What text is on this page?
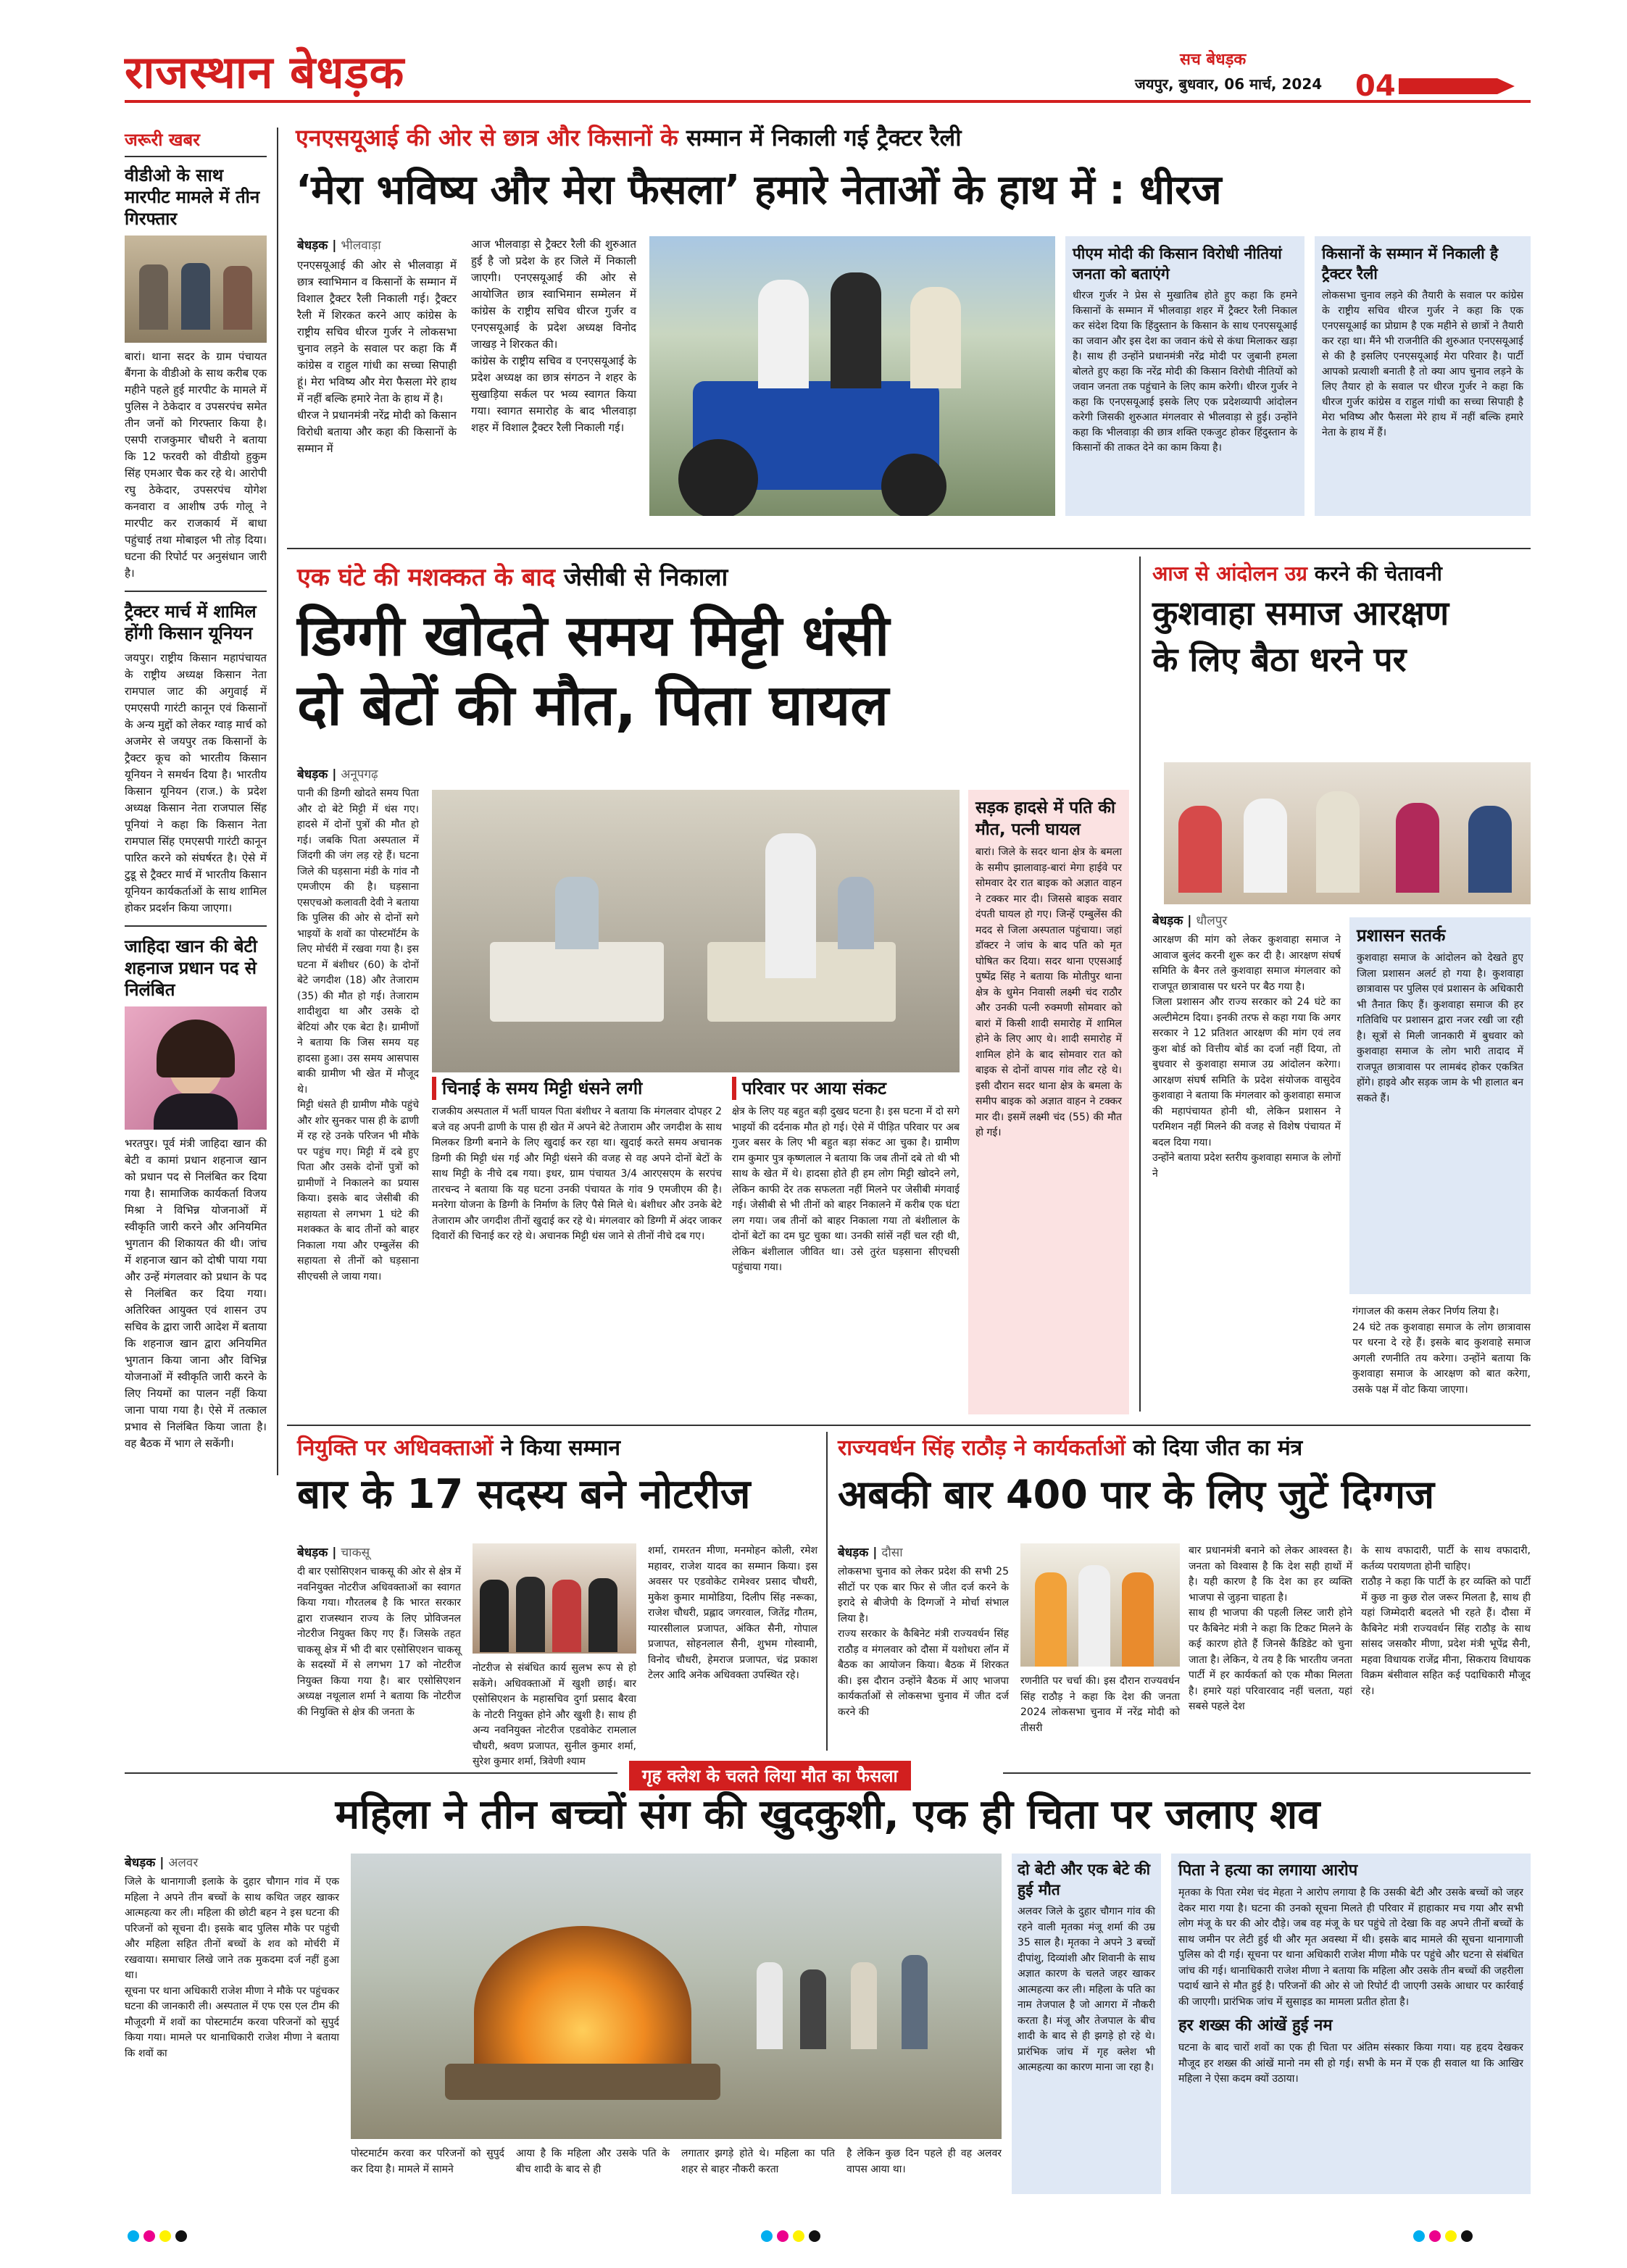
राजस्थान बेधड़क	सच बेधड़क
जयपुर, बुधवार, 06 मार्च, 2024 04
जरूरी खबर
वीडीओ के साथ मारपीट मामले में तीन गिरफ्तार
बारां। थाना सदर के ग्राम पंचायत बैंगना के वीडीओ के साथ करीब एक महीने पहले हुई मारपीट के मामले में पुलिस ने ठेकेदार व उपसरपंच समेत तीन जनों को गिरफ्तार किया है। एसपी राजकुमार चौधरी ने बताया कि 12 फरवरी को वीडीयो हुकुम सिंह एमआर चैक कर रहे थे। आरोपी रघु ठेकेदार, उपसरपंच योगेश कनवारा व आशीष उर्फ गोलू ने मारपीट कर राजकार्य में बाधा पहुंचाई तथा मोबाइल भी तोड़ दिया। घटना की रिपोर्ट पर अनुसंधान जारी है।
ट्रैक्टर मार्च में शामिल होंगी किसान यूनियन
जयपुर। राष्ट्रीय किसान महापंचायत के राष्ट्रीय अध्यक्ष किसान नेता रामपाल जाट की अगुवाई में एमएसपी गारंटी कानून एवं किसानों के अन्य मुद्दों को लेकर ग्वाड़ मार्च को अजमेर से जयपुर तक किसानों के ट्रैक्टर कूच को भारतीय किसान यूनियन ने समर्थन दिया है। भारतीय किसान यूनियन (राज.) के प्रदेश अध्यक्ष किसान नेता राजपाल सिंह पूनियां ने कहा कि किसान नेता रामपाल सिंह एमएसपी गारंटी कानून पारित करने को संघर्षरत है। ऐसे में टुडू से ट्रैक्टर मार्च में भारतीय किसान यूनियन कार्यकर्ताओं के साथ शामिल होकर प्रदर्शन किया जाएगा।
जाहिदा खान की बेटी शहनाज प्रधान पद से निलंबित
भरतपुर। पूर्व मंत्री जाहिदा खान की बेटी व कामां प्रधान शहनाज खान को प्रधान पद से निलंबित कर दिया गया है। सामाजिक कार्यकर्ता विजय मिश्रा ने विभिन्न योजनाओं में स्वीकृति जारी करने और अनियमित भुगतान की शिकायत की थी। जांच में शहनाज खान को दोषी पाया गया और उन्हें मंगलवार को प्रधान के पद से निलंबित कर दिया गया। अतिरिक्त आयुक्त एवं शासन उप सचिव के द्वारा जारी आदेश में बताया कि शहनाज खान द्वारा अनियमित भुगतान किया जाना और विभिन्न योजनाओं में स्वीकृति जारी करने के लिए नियमों का पालन नहीं किया जाना पाया गया है। ऐसे में तत्काल प्रभाव से निलंबित किया जाता है। वह बैठक में भाग ले सकेंगी।
एनएसयूआई की ओर से छात्र और किसानों के सम्मान में निकाली गई ट्रैक्टर रैली
‘मेरा भविष्य और मेरा फैसला’ हमारे नेताओं के हाथ में : धीरज
बेधड़क | भीलवाड़ा
एनएसयूआई की ओर से भीलवाड़ा में छात्र स्वाभिमान व किसानों के सम्मान में विशाल ट्रैक्टर रैली निकाली गई। ट्रैक्टर रैली में शिरकत करने आए कांग्रेस के राष्ट्रीय सचिव धीरज गुर्जर ने लोकसभा चुनाव लड़ने के सवाल पर कहा कि मैं कांग्रेस व राहुल गांधी का सच्चा सिपाही हूं। मेरा भविष्य और मेरा फैसला मेरे हाथ में नहीं बल्कि हमारे नेता के हाथ में है।
धीरज ने प्रधानमंत्री नरेंद्र मोदी को किसान विरोधी बताया और कहा की किसानों के सम्मान में
आज भीलवाड़ा से ट्रैक्टर रैली की शुरुआत हुई है जो प्रदेश के हर जिले में निकाली जाएगी। एनएसयूआई की ओर से आयोजित छात्र स्वाभिमान सम्मेलन में कांग्रेस के राष्ट्रीय सचिव धीरज गुर्जर व एनएसयूआई के प्रदेश अध्यक्ष विनोद जाखड़ ने शिरकत की।
कांग्रेस के राष्ट्रीय सचिव व एनएसयूआई के प्रदेश अध्यक्ष का छात्र संगठन ने शहर के सुखाड़िया सर्कल पर भव्य स्वागत किया गया। स्वागत समारोह के बाद भीलवाड़ा शहर में विशाल ट्रैक्टर रैली निकाली गई।
पीएम मोदी की किसान विरोधी नीतियां जनता को बताएंगे
धीरज गुर्जर ने प्रेस से मुखातिब होते हुए कहा कि हमने किसानों के सम्मान में भीलवाड़ा शहर में ट्रैक्टर रैली निकाल कर संदेश दिया कि हिंदुस्तान के किसान के साथ एनएसयूआई का जवान और इस देश का जवान कंधे से कंधा मिलाकर खड़ा है। साथ ही उन्होंने प्रधानमंत्री नरेंद्र मोदी पर जुबानी हमला बोलते हुए कहा कि नरेंद्र मोदी की किसान विरोधी नीतियों को जवान जनता तक पहुंचाने के लिए काम करेगी। धीरज गुर्जर ने कहा कि एनएसयूआई इसके लिए एक प्रदेशव्यापी आंदोलन करेगी जिसकी शुरुआत मंगलवार से भीलवाड़ा से हुई। उन्होंने कहा कि भीलवाड़ा की छात्र शक्ति एकजुट होकर हिंदुस्तान के किसानों की ताकत देने का काम किया है।
किसानों के सम्मान में निकाली है ट्रैक्टर रैली
लोकसभा चुनाव लड़ने की तैयारी के सवाल पर कांग्रेस के राष्ट्रीय सचिव धीरज गुर्जर ने कहा कि एक एनएसयूआई का प्रोग्राम है एक महीने से छात्रों ने तैयारी कर रहा था। मैंने भी राजनीति की शुरुआत एनएसयूआई से की है इसलिए एनएसयूआई मेरा परिवार है। पार्टी आपको प्रत्याशी बनाती है तो क्या आप चुनाव लड़ने के लिए तैयार हो के सवाल पर धीरज गुर्जर ने कहा कि धीरज गुर्जर कांग्रेस व राहुल गांधी का सच्चा सिपाही है मेरा भविष्य और फैसला मेरे हाथ में नहीं बल्कि हमारे नेता के हाथ में हैं।
एक घंटे की मशक्कत के बाद जेसीबी से निकाला
डिग्गी खोदते समय मिट्टी धंसी
दो बेटों की मौत, पिता घायल
बेधड़क | अनूपगढ़
पानी की डिग्गी खोदते समय पिता और दो बेटे मिट्टी में धंस गए। हादसे में दोनों पुत्रों की मौत हो गई। जबकि पिता अस्पताल में जिंदगी की जंग लड़ रहे हैं। घटना जिले की घड़साना मंडी के गांव नौ एमजीएम की है। घड़साना एसएचओ कलावती देवी ने बताया कि पुलिस की ओर से दोनों सगे भाइयों के शवों का पोस्टमॉर्टम के लिए मोर्चरी में रखवा गया है। इस घटना में बंशीधर (60) के दोनों बेटे जगदीश (18) और तेजाराम (35) की मौत हो गई। तेजाराम शादीशुदा था और उसके दो बेटियां और एक बेटा है। ग्रामीणों ने बताया कि जिस समय यह हादसा हुआ। उस समय आसपास बाकी ग्रामीण भी खेत में मौजूद थे।
मिट्टी धंसते ही ग्रामीण मौके पहुंचे और शोर सुनकर पास ही के ढाणी में रह रहे उनके परिजन भी मौके पर पहुंच गए। मिट्टी में दबे हुए पिता और उसके दोनों पुत्रों को ग्रामीणों ने निकालने का प्रयास किया। इसके बाद जेसीबी की सहायता से लगभग 1 घंटे की मशक्कत के बाद तीनों को बाहर निकाला गया और एम्बुलेंस की सहायता से तीनों को घड़साना सीएचसी ले जाया गया।
चिनाई के समय मिट्टी धंसने लगी
राजकीय अस्पताल में भर्ती घायल पिता बंशीधर ने बताया कि मंगलवार दोपहर 2 बजे वह अपनी ढाणी के पास ही खेत में अपने बेटे तेजाराम और जगदीश के साथ मिलकर डिग्गी बनाने के लिए खुदाई कर रहा था। खुदाई करते समय अचानक डिग्गी की मिट्टी धंस गई और मिट्टी धंसने की वजह से वह अपने दोनों बेटों के साथ मिट्टी के नीचे दब गया। इधर, ग्राम पंचायत 3/4 आरएसएम के सरपंच तारचन्द ने बताया कि यह घटना उनकी पंचायत के गांव 9 एमजीएम की है। मनरेगा योजना के डिग्गी के निर्माण के लिए पैसे मिले थे। बंशीधर और उनके बेटे तेजाराम और जगदीश तीनों खुदाई कर रहे थे। मंगलवार को डिग्गी में अंदर जाकर दिवारों की चिनाई कर रहे थे। अचानक मिट्टी धंस जाने से तीनों नीचे दब गए।
परिवार पर आया संकट
क्षेत्र के लिए यह बहुत बड़ी दुखद घटना है। इस घटना में दो सगे भाइयों की दर्दनाक मौत हो गई। ऐसे में पीड़ित परिवार पर अब गुजर बसर के लिए भी बहुत बड़ा संकट आ चुका है। ग्रामीण राम कुमार पुत्र कृष्णलाल ने बताया कि जब तीनों दबे तो थी भी साथ के खेत में थे। हादसा होते ही हम लोग मिट्टी खोदने लगे, लेकिन काफी देर तक सफलता नहीं मिलने पर जेसीबी मंगवाई गई। जेसीबी से भी तीनों को बाहर निकालने में करीब एक घंटा लग गया। जब तीनों को बाहर निकाला गया तो बंशीलाल के दोनों बेटों का दम घुट चुका था। उनकी सांसें नहीं चल रही थी, लेकिन बंशीलाल जीवित था। उसे तुरंत घड़साना सीएचसी पहुंचाया गया।
सड़क हादसे में पति की मौत, पत्नी घायल
बारां। जिले के सदर थाना क्षेत्र के बमला के समीप झालावाड़-बारां मेगा हाईवे पर सोमवार देर रात बाइक को अज्ञात वाहन ने टक्कर मार दी। जिससे बाइक सवार दंपती घायल हो गए। जिन्हें एम्बुलेंस की मदद से जिला अस्पताल पहुंचाया। जहां डॉक्टर ने जांच के बाद पति को मृत घोषित कर दिया। सदर थाना एएसआई पुष्पेंद्र सिंह ने बताया कि मोतीपुर थाना क्षेत्र के धुमेन निवासी लक्ष्मी चंद राठौर और उनकी पत्नी रुक्मणी सोमवार को बारां में किसी शादी समारोह में शामिल होने के लिए आए थे। शादी समारोह में शामिल होने के बाद सोमवार रात को बाइक से दोनों वापस गांव लौट रहे थे। इसी दौरान सदर थाना क्षेत्र के बमला के समीप बाइक को अज्ञात वाहन ने टक्कर मार दी। इसमें लक्ष्मी चंद (55) की मौत हो गई।
आज से आंदोलन उग्र करने की चेतावनी
कुशवाहा समाज आरक्षण के लिए बैठा धरने पर
बेधड़क | धौलपुर
आरक्षण की मांग को लेकर कुशवाहा समाज ने आवाज बुलंद करनी शुरू कर दी है। आरक्षण संघर्ष समिति के बैनर तले कुशवाहा समाज मंगलवार को राजपूत छात्रावास पर धरने पर बैठ गया है।
जिला प्रशासन और राज्य सरकार को 24 घंटे का अल्टीमेटम दिया। इनकी तरफ से कहा गया कि अगर सरकार ने 12 प्रतिशत आरक्षण की मांग एवं लव कुश बोर्ड को वित्तीय बोर्ड का दर्जा नहीं दिया, तो बुधवार से कुशवाहा समाज उग्र आंदोलन करेगा। आरक्षण संघर्ष समिति के प्रदेश संयोजक वासुदेव कुशवाहा ने बताया कि मंगलवार को कुशवाहा समाज की महापंचायत होनी थी, लेकिन प्रशासन ने परमिशन नहीं मिलने की वजह से विशेष पंचायत में बदल दिया गया।
उन्होंने बताया प्रदेश स्तरीय कुशवाहा समाज के लोगों ने
प्रशासन सतर्क
कुशवाहा समाज के आंदोलन को देखते हुए जिला प्रशासन अलर्ट हो गया है। कुशवाहा छात्रावास पर पुलिस एवं प्रशासन के अधिकारी भी तैनात किए हैं। कुशवाहा समाज की हर गतिविधि पर प्रशासन द्वारा नजर रखी जा रही है। सूत्रों से मिली जानकारी में बुधवार को कुशवाहा समाज के लोग भारी तादाद में राजपूत छात्रावास पर लामबंद होकर एकत्रित होंगे। हाइवे और सड़क जाम के भी हालात बन सकते हैं।
गंगाजल की कसम लेकर निर्णय लिया है।
24 घंटे तक कुशवाहा समाज के लोग छात्रावास पर धरना दे रहे हैं। इसके बाद कुशवाहे समाज अगली रणनीति तय करेगा। उन्होंने बताया कि कुशवाहा समाज के आरक्षण को बात करेगा, उसके पक्ष में वोट किया जाएगा।
नियुक्ति पर अधिवक्ताओं ने किया सम्मान
बार के 17 सदस्य बने नोटरीज
बेधड़क | चाकसू
दी बार एसोसिएशन चाकसू की ओर से क्षेत्र में नवनियुक्त नोटरीज अधिवक्ताओं का स्वागत किया गया। गौरतलब है कि भारत सरकार द्वारा राजस्थान राज्य के लिए प्रोविजनल नोटरीज नियुक्त किए गए हैं। जिसके तहत चाकसू क्षेत्र में भी दी बार एसोसिएशन चाकसू के सदस्यों में से लगभग 17 को नोटरीज नियुक्त किया गया है। बार एसोसिएशन अध्यक्ष नथूलाल शर्मा ने बताया कि नोटरीज की नियुक्ति से क्षेत्र की जनता के
नोटरीज से संबंधित कार्य सुलभ रूप से हो सकेंगे। अधिवक्ताओं में खुशी छाई। बार एसोसिएशन के महासचिव दुर्गा प्रसाद बैरवा के नोटरी नियुक्त होने और खुशी है। साथ ही अन्य नवनियुक्त नोटरीज एडवोकेट रामलाल चौधरी, श्रवण प्रजापत, सुनील कुमार शर्मा, सुरेश कुमार शर्मा, त्रिवेणी श्याम
शर्मा, रामरतन मीणा, मनमोहन कोली, रमेश महावर, राजेश यादव का सम्मान किया। इस अवसर पर एडवोकेट रामेश्वर प्रसाद चौधरी, मुकेश कुमार मामोडिया, दिलीप सिंह नरूका, राजेश चौधरी, प्रह्लाद जगरवाल, जितेंद्र गौतम, ग्यारसीलाल प्रजापत, अंकित सैनी, गोपाल प्रजापत, सोहनलाल सैनी, शुभम गोस्वामी, विनोद चौधरी, हेमराज प्रजापत, चंद्र प्रकाश टेलर आदि अनेक अधिवक्ता उपस्थित रहे।
राज्यवर्धन सिंह राठौड़ ने कार्यकर्ताओं को दिया जीत का मंत्र
अबकी बार 400 पार के लिए जुटें दिग्गज
बेधड़क | दौसा
लोकसभा चुनाव को लेकर प्रदेश की सभी 25 सीटों पर एक बार फिर से जीत दर्ज करने के इरादे से बीजेपी के दिग्गजों ने मोर्चा संभाल लिया है।
राज्य सरकार के कैबिनेट मंत्री राज्यवर्धन सिंह राठौड़ व मंगलवार को दौसा में यशोधरा लॉन में बैठक का आयोजन किया। बैठक में शिरकत की। इस दौरान उन्होंने बैठक में आए भाजपा कार्यकर्ताओं से लोकसभा चुनाव में जीत दर्ज करने की
रणनीति पर चर्चा की। इस दौरान राज्यवर्धन सिंह राठौड़ ने कहा कि देश की जनता 2024 लोकसभा चुनाव में नरेंद्र मोदी को तीसरी
बार प्रधानमंत्री बनाने को लेकर आश्वस्त है। जनता को विश्वास है कि देश सही हाथों में है। यही कारण है कि देश का हर व्यक्ति भाजपा से जुड़ना चाहता है।
साथ ही भाजपा की पहली लिस्ट जारी होने पर कैबिनेट मंत्री ने कहा कि टिकट मिलने के कई कारण होते हैं जिनसे कैंडिडेट को चुना जाता है। लेकिन, ये तय है कि भारतीय जनता पार्टी में हर कार्यकर्ता को एक मौका मिलता है। हमारे यहां परिवारवाद नहीं चलता, यहां सबसे पहले देश
के साथ वफादारी, पार्टी के साथ वफादारी, कर्तव्य परायणता होनी चाहिए।
राठौड़ ने कहा कि पार्टी के हर व्यक्ति को पार्टी में कुछ ना कुछ रोल जरूर मिलता है, साथ ही यहां जिम्मेदारी बदलते भी रहते हैं। दौसा में कैबिनेट मंत्री राज्यवर्धन सिंह राठौड़ के साथ सांसद जसकौर मीणा, प्रदेश मंत्री भूपेंद्र सैनी, महवा विधायक राजेंद्र मीना, सिकराय विधायक विक्रम बंसीवाल सहित कई पदाधिकारी मौजूद रहे।
गृह क्लेश के चलते लिया मौत का फैसला
महिला ने तीन बच्चों संग की खुदकुशी, एक ही चिता पर जलाए शव
बेधड़क | अलवर
जिले के थानागाजी इलाके के दुहार चौगान गांव में एक महिला ने अपने तीन बच्चों के साथ कथित जहर खाकर आत्महत्या कर ली। महिला की छोटी बहन ने इस घटना की परिजनों को सूचना दी। इसके बाद पुलिस मौके पर पहुंची और महिला सहित तीनों बच्चों के शव को मोर्चरी में रखवाया। समाचार लिखे जाने तक मुकदमा दर्ज नहीं हुआ था।
सूचना पर थाना अधिकारी राजेश मीणा ने मौके पर पहुंचकर घटना की जानकारी ली। अस्पताल में एफ एस एल टीम की मौजूदगी में शवों का पोस्टमार्टम करवा परिजनों को सुपुर्द किया गया। मामले पर थानाधिकारी राजेश मीणा ने बताया कि शवों का
पोस्टमार्टम करवा कर परिजनों को सुपुर्द कर दिया है। मामले में सामने
आया है कि महिला और उसके पति के बीच शादी के बाद से ही
लगातार झगड़े होते थे। महिला का पति शहर से बाहर नौकरी करता
है लेकिन कुछ दिन पहले ही वह अलवर वापस आया था।
दो बेटी और एक बेटे की हुई मौत
अलवर जिले के दुहार चौगान गांव की रहने वाली मृतका मंजू शर्मा की उम्र 35 साल है। मृतका ने अपने 3 बच्चों दीपांशु, दिव्यांशी और शिवानी के साथ अज्ञात कारण के चलते जहर खाकर आत्महत्या कर ली। महिला के पति का नाम तेजपाल है जो आगरा में नौकरी करता है। मंजू और तेजपाल के बीच शादी के बाद से ही झगड़े हो रहे थे। प्रारंभिक जांच में गृह क्लेश भी आत्महत्या का कारण माना जा रहा है।
पिता ने हत्या का लगाया आरोप
मृतका के पिता रमेश चंद मेहता ने आरोप लगाया है कि उसकी बेटी और उसके बच्चों को जहर देकर मारा गया है। घटना की उनको सूचना मिलते ही परिवार में हाहाकार मच गया और सभी लोग मंजू के घर की ओर दौड़े। जब वह मंजू के घर पहुंचे तो देखा कि वह अपने तीनों बच्चों के साथ जमीन पर लेटी हुई थी और मृत अवस्था में थी। इसके बाद मामले की सूचना थानागाजी पुलिस को दी गई। सूचना पर थाना अधिकारी राजेश मीणा मौके पर पहुंचे और घटना से संबंधित जांच की गई। थानाधिकारी राजेश मीणा ने बताया कि महिला और उसके तीन बच्चों की जहरीला पदार्थ खाने से मौत हुई है। परिजनों की ओर से जो रिपोर्ट दी जाएगी उसके आधार पर कार्रवाई की जाएगी। प्रारंभिक जांच में सुसाइड का मामला प्रतीत होता है।
हर शख्स की आंखें हुई नम
घटना के बाद चारों शवों का एक ही चिता पर अंतिम संस्कार किया गया। यह हृदय देखकर मौजूद हर शख्स की आंखें मानो नम सी हो गई। सभी के मन में एक ही सवाल था कि आखिर महिला ने ऐसा कदम क्यों उठाया।
